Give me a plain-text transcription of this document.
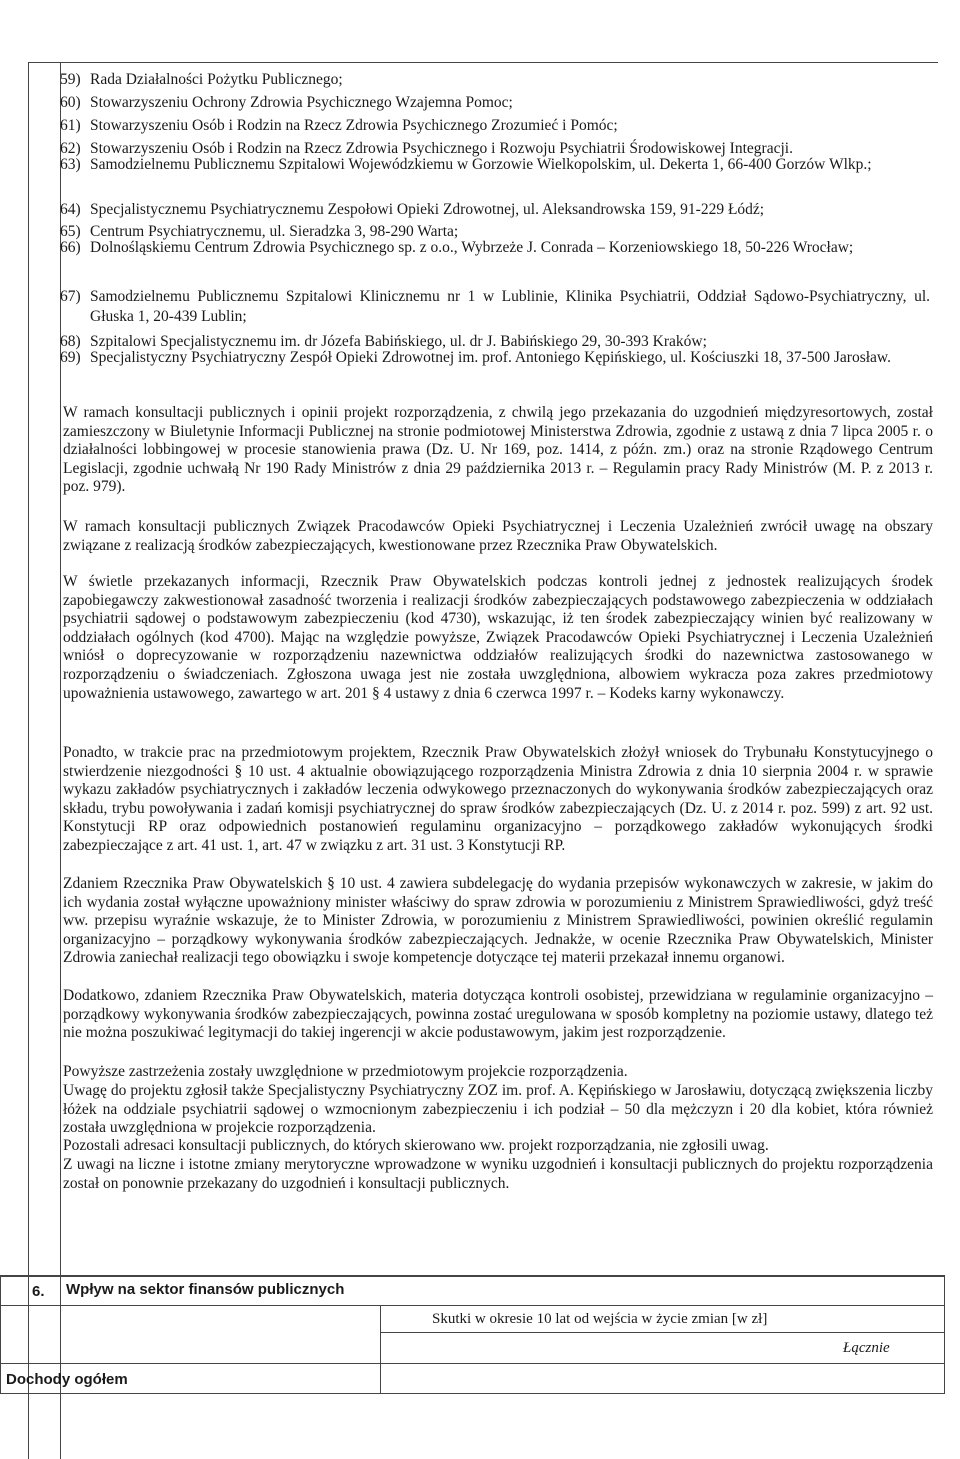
59) Rada Działalności Pożytku Publicznego;
60) Stowarzyszeniu Ochrony Zdrowia Psychicznego Wzajemna Pomoc;
61) Stowarzyszeniu Osób i Rodzin na Rzecz Zdrowia Psychicznego Zrozumieć i Pomóc;
62) Stowarzyszeniu Osób i Rodzin na Rzecz Zdrowia Psychicznego i Rozwoju Psychiatrii Środowiskowej Integracji.
63) Samodzielnemu Publicznemu Szpitalowi Wojewódzkiemu w Gorzowie Wielkopolskim, ul. Dekerta 1, 66-400 Gorzów Wlkp.;
64) Specjalistycznemu Psychiatrycznemu Zespołowi Opieki Zdrowotnej, ul. Aleksandrowska 159, 91-229 Łódź;
65) Centrum Psychiatrycznemu, ul. Sieradzka 3, 98-290 Warta;
66) Dolnośląskiemu Centrum Zdrowia Psychicznego sp. z o.o., Wybrzeże J. Conrada – Korzeniowskiego 18, 50-226 Wrocław;
67) Samodzielnemu Publicznemu Szpitalowi Klinicznemu nr 1 w Lublinie, Klinika Psychiatrii, Oddział Sądowo-Psychiatryczny, ul. Głuska 1, 20-439 Lublin;
68) Szpitalowi Specjalistycznemu im. dr Józefa Babińskiego, ul. dr J. Babińskiego 29, 30-393 Kraków;
69) Specjalistyczny Psychiatryczny Zespół Opieki Zdrowotnej im. prof. Antoniego Kępińskiego, ul. Kościuszki 18, 37-500 Jarosław.

W ramach konsultacji publicznych i opinii projekt rozporządzenia, z chwilą jego przekazania do uzgodnień międzyresortowych, został zamieszczony w Biuletynie Informacji Publicznej na stronie podmiotowej Ministerstwa Zdrowia, zgodnie z ustawą z dnia 7 lipca 2005 r. o działalności lobbingowej w procesie stanowienia prawa (Dz. U. Nr 169, poz. 1414, z późn. zm.) oraz na stronie Rządowego Centrum Legislacji, zgodnie uchwałą Nr 190 Rady Ministrów z dnia 29 października 2013 r. – Regulamin pracy Rady Ministrów (M. P. z 2013 r. poz. 979).

W ramach konsultacji publicznych Związek Pracodawców Opieki Psychiatrycznej i Leczenia Uzależnień zwrócił uwagę na obszary związane z realizacją środków zabezpieczających, kwestionowane przez Rzecznika Praw Obywatelskich.

W świetle przekazanych informacji, Rzecznik Praw Obywatelskich podczas kontroli jednej z jednostek realizujących środek zapobiegawczy zakwestionował zasadność tworzenia i realizacji środków zabezpieczających podstawowego zabezpieczenia w oddziałach psychiatrii sądowej o podstawowym zabezpieczeniu (kod 4730), wskazując, iż ten środek zabezpieczający winien być realizowany w oddziałach ogólnych (kod 4700). Mając na względzie powyższe, Związek Pracodawców Opieki Psychiatrycznej i Leczenia Uzależnień wniósł o doprecyzowanie w rozporządzeniu nazewnictwa oddziałów realizujących środki do nazewnictwa zastosowanego w rozporządzeniu o świadczeniach. Zgłoszona uwaga jest nie została uwzględniona, albowiem wykracza poza zakres przedmiotowy upoważnienia ustawowego, zawartego w art. 201 § 4 ustawy z dnia 6 czerwca 1997 r. – Kodeks karny wykonawczy.

Ponadto, w trakcie prac na przedmiotowym projektem, Rzecznik Praw Obywatelskich złożył wniosek do Trybunału Konstytucyjnego o stwierdzenie niezgodności § 10 ust. 4 aktualnie obowiązującego rozporządzenia Ministra Zdrowia z dnia 10 sierpnia 2004 r. w sprawie wykazu zakładów psychiatrycznych i zakładów leczenia odwykowego przeznaczonych do wykonywania środków zabezpieczających oraz składu, trybu powoływania i zadań komisji psychiatrycznej do spraw środków zabezpieczających (Dz. U. z 2014 r. poz. 599) z art. 92 ust. Konstytucji RP oraz odpowiednich postanowień regulaminu organizacyjno – porządkowego zakładów wykonujących środki zabezpieczające z art. 41 ust. 1, art. 47 w związku z art. 31 ust. 3 Konstytucji RP.

Zdaniem Rzecznika Praw Obywatelskich § 10 ust. 4 zawiera subdelegację do wydania przepisów wykonawczych w zakresie, w jakim do ich wydania został wyłączne upoważniony minister właściwy do spraw zdrowia w porozumieniu z Ministrem Sprawiedliwości, gdyż treść ww. przepisu wyraźnie wskazuje, że to Minister Zdrowia, w porozumieniu z Ministrem Sprawiedliwości, powinien określić regulamin organizacyjno – porządkowy wykonywania środków zabezpieczających. Jednakże, w ocenie Rzecznika Praw Obywatelskich, Minister Zdrowia zaniechał realizacji tego obowiązku i swoje kompetencje dotyczące tej materii przekazał innemu organowi.

Dodatkowo, zdaniem Rzecznika Praw Obywatelskich, materia dotycząca kontroli osobistej, przewidziana w regulaminie organizacyjno – porządkowy wykonywania środków zabezpieczających, powinna zostać uregulowana w sposób kompletny na poziomie ustawy, dlatego też nie można poszukiwać legitymacji do takiej ingerencji w akcie podustawowym, jakim jest rozporządzenie.

Powyższe zastrzeżenia zostały uwzględnione w przedmiotowym projekcie rozporządzenia.

Uwagę do projektu zgłosił także Specjalistyczny Psychiatryczny ZOZ im. prof. A. Kępińskiego w Jarosławiu, dotyczącą zwiększenia liczby łóżek na oddziale psychiatrii sądowej o wzmocnionym zabezpieczeniu i ich podział – 50 dla mężczyzn i 20 dla kobiet, która również została uwzględniona w projekcie rozporządzenia.

Pozostali adresaci konsultacji publicznych, do których skierowano ww. projekt rozporządzania, nie zgłosili uwag.

Z uwagi na liczne i istotne zmiany merytoryczne wprowadzone w wyniku uzgodnień i konsultacji publicznych do projektu rozporządzenia został on ponownie przekazany do uzgodnień i konsultacji publicznych.

6. Wpływ na sektor finansów publicznych
Skutki w okresie 10 lat od wejścia w życie zmian [w zł]
Łącznie
Dochody ogółem
